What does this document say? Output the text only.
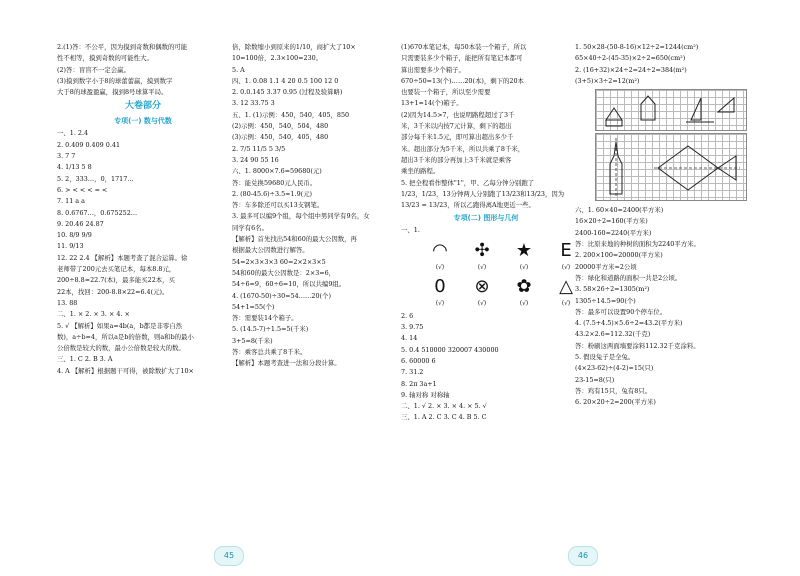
2.(1)答：不公平，因为摸到奇数和偶数的可能
性不相等，摸到奇数的可能性大。
(2)答：盲盲不一定会赢。
(3)摸到数字小于8的球蕾蕾赢，摸到数字
大于8的球盈盈赢，摸到8号球算平局。
大卷部分
专项(一) 数与代数
一、1. 2.4
2. 0.409 0.409 0.41
3. 7 7
4. 1/13 5 8
5. 2，333…，0，1717…
6. > < < < = <
7. 11 a a
8. 0.6767…，0.675252…
9. 20.46 24.87
10. 8/9 9/9
11. 9/13
12. 22 2.4 【解析】本题考查了混合运算。徐
老师带了200元去买笔记本，每本8.8元，
200÷8.8=22.7(本)，最多能买22本，买
22本，找回：200-8.8×22=6.4(元)。
13. 88
二、1. × 2. × 3. × 4. ×
5. √ 【解析】如果a=4b(a，b都是非零自然
数)，a÷b=4，所以a是b的倍数，则a和b的最小
公倍数是较大的数，最小公倍数是较大的数。
三、1. C 2. B 3. A
4. A 【解析】根据题干可得，被除数扩大了10×
倍，除数缩小到原来的1/10，商扩大了10×
10=100倍，2.3×100=230。
5. A
四、1. 0.08 1.1 4 20 0.5 100 12 0
2. 0.0.145 3.37 0.95 (过程及验算略)
3. 12 33.75 3
五、1. (1)示例：450，540，405，850
(2)示例：450，540，504，480
(3)示例：450，540，405，480
2. 7/5 11/5 5 3/5
3. 24 90 55 16
六、1. 8000×7.6=59680(元)
答：能兑换59680元人民币。
2. (80-45.6)÷3.5≈1.9(元)
答：车多除还可以买13支钢笔。
3. 最多可以编9个组，每个组中男同学有9名，女
同学有6名。
【解析】首先找出54和60的最大公因数，再
根据最大公因数进行解答。
54=2×3×3×3 60=2×2×3×5
54和60的最大公因数是：2×3=6，
54÷6=9，60÷6=10，所以共编9组。
4. (1670-50)÷30=54……20(个)
54+1=55(个)
答：需要装14个箱子。
5. (14.5-7)÷1.5=5(千米)
3+5=8(千米)
答：乘客总共乘了8千米。
【解析】本题考查进一法和分段计算。
(1)670本笔记本，每50本装一个箱子，所以
只需要装多少个箱子，能把所有笔记本都可
算出需要多少个箱子。
670÷50=13(个)……20(本)，剩下的20本
也要装一个箱子，所以至少需要
13+1=14(个)箱子。
(2)因为14.5>7，也说明路程超过了3千
米，3千米以内按7元计算，剩下的超出
部分每千米1.5元，即可算出超出多少千
米。超出部分为5千米，所以共乘了8千米，
超出3千米的部分再加上3千米就是乘客
乘坐的路程。
5. 把全程看作整体"1"，甲、乙每分钟分别跑了
1/23，1/23，13分钟两人分别跑了13/23和13/23，因为
13/23 = 13/23，所以乙跑得离A地更近一些。
专项(二) 图形与几何
一、1.
◠
(√)
✣
(√)
★
(√)
E
(√)
0
(√)
⊗
(√)
✿
(√)
△
(√)
2. 6
3. 9.75
4. 14
5. 0.4 510000 320007 430000
6. 60000 6
7. 31.2
8. 2π 3a+1
9. 轴对称 对称轴
二、1. √ 2. × 3. × 4. × 5. √
三、1. A 2. C 3. C 4. B 5. C
1. 50×28-(50-8-16)×12÷2=1244(cm²)
65×40÷2-(45-35)×2÷2=650(cm²)
2. (16+32)×24÷2=24÷2=384(m²)
(3+5)×3÷2=12(m²)
六、1. 60×40=2400(平方米)
16×20÷2=160(平方米)
2400-160=2240(平方米)
答：比原来地的种树的面积为2240平方米。
2. 200×100=20000(平方米)
20000平方米=2公顷
答：绿化和道路的面积一共是2公顷。
3. 58×26÷2=1305(m²)
1305÷14.5=90(个)
答：最多可以设置90个停车位。
4. (7.5+4.5)×5.6÷2=43.2(平方米)
43.2×2.6=112.32(千克)
答：粉刷这两面墙要涂料112.32千克涂料。
5. 假设兔子是全兔。
(4×23-62)÷(4-2)=15(只)
23-15=8(只)
答：鸡有15只，兔有8只。
6. 20×20÷2=200(平方米)
45	46
